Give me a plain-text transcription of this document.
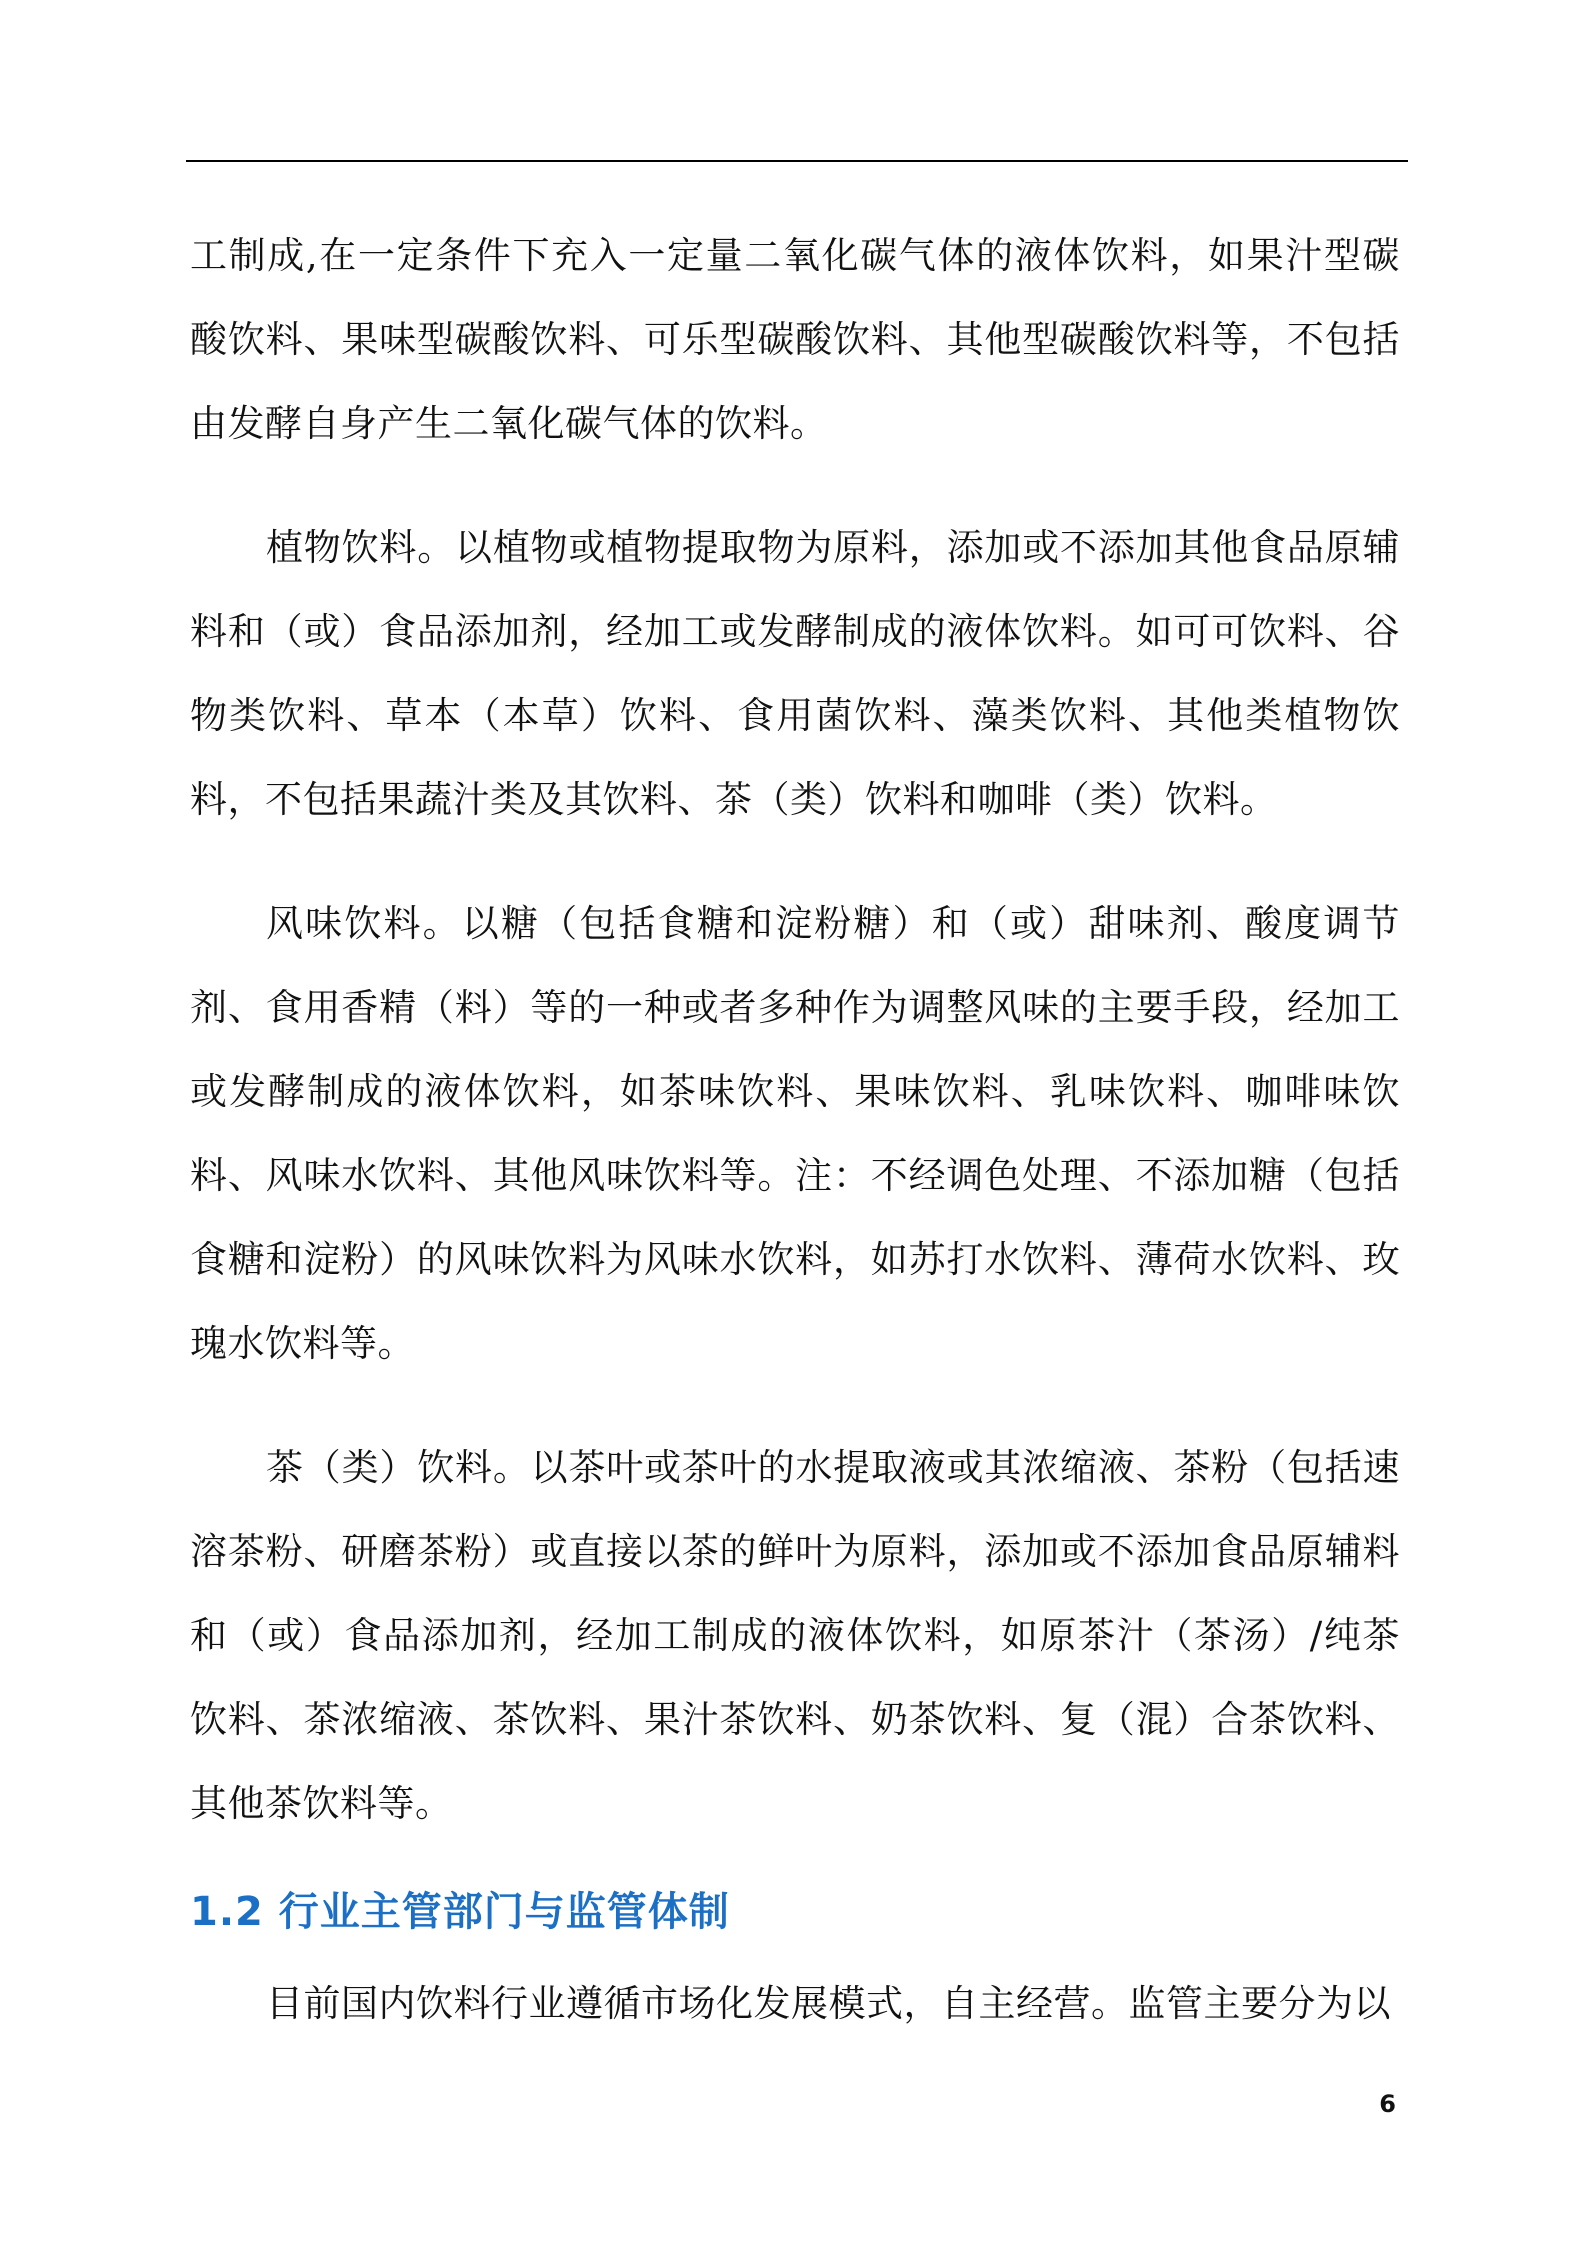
工制成,在一定条件下充入一定量二氧化碳气体的液体饮料，如果汁型碳酸饮料、果味型碳酸饮料、可乐型碳酸饮料、其他型碳酸饮料等，不包括由发酵自身产生二氧化碳气体的饮料。

植物饮料。以植物或植物提取物为原料，添加或不添加其他食品原辅料和（或）食品添加剂，经加工或发酵制成的液体饮料。如可可饮料、谷物类饮料、草本（本草）饮料、食用菌饮料、藻类饮料、其他类植物饮料，不包括果蔬汁类及其饮料、茶（类）饮料和咖啡（类）饮料。

风味饮料。以糖（包括食糖和淀粉糖）和（或）甜味剂、酸度调节剂、食用香精（料）等的一种或者多种作为调整风味的主要手段，经加工或发酵制成的液体饮料，如茶味饮料、果味饮料、乳味饮料、咖啡味饮料、风味水饮料、其他风味饮料等。注：不经调色处理、不添加糖（包括食糖和淀粉）的风味饮料为风味水饮料，如苏打水饮料、薄荷水饮料、玫瑰水饮料等。

茶（类）饮料。以茶叶或茶叶的水提取液或其浓缩液、茶粉（包括速溶茶粉、研磨茶粉）或直接以茶的鲜叶为原料，添加或不添加食品原辅料和（或）食品添加剂，经加工制成的液体饮料，如原茶汁（茶汤）/纯茶饮料、茶浓缩液、茶饮料、果汁茶饮料、奶茶饮料、复（混）合茶饮料、其他茶饮料等。

1.2 行业主管部门与监管体制

目前国内饮料行业遵循市场化发展模式，自主经营。监管主要分为以

6
